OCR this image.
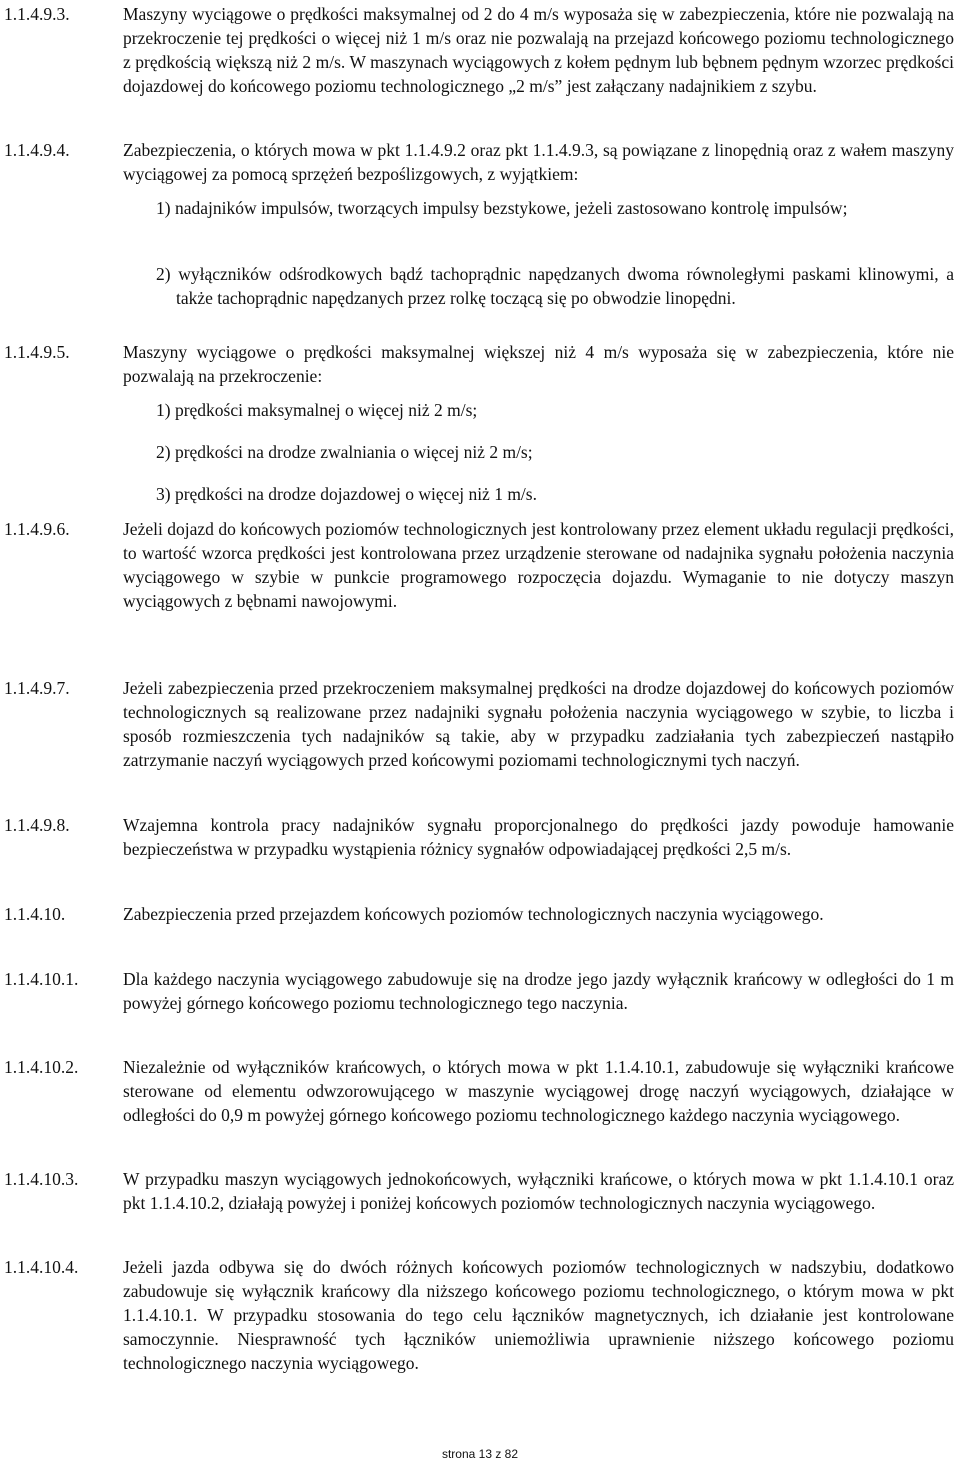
1.1.4.9.3.	Maszyny wyciągowe o prędkości maksymalnej od 2 do 4 m/s wyposaża się w zabezpieczenia, które nie pozwalają na przekroczenie tej prędkości o więcej niż 1 m/s oraz nie pozwalają na przejazd końcowego poziomu technologicznego z prędkością większą niż 2 m/s. W maszynach wyciągowych z kołem pędnym lub bębnem pędnym wzorzec prędkości dojazdowej do końcowego poziomu technologicznego „2 m/s” jest załączany nadajnikiem z szybu.
1.1.4.9.4.	Zabezpieczenia, o których mowa w pkt 1.1.4.9.2 oraz pkt 1.1.4.9.3, są powiązane z linopędnią oraz z wałem maszyny wyciągowej za pomocą sprzężeń bezpoślizgowych, z wyjątkiem:
1) nadajników impulsów, tworzących impulsy bezstykowe, jeżeli zastosowano kontrolę impulsów;
2) wyłączników odśrodkowych bądź tachoprądnic napędzanych dwoma równoległymi paskami klinowymi, a także tachoprądnic napędzanych przez rolkę toczącą się po obwodzie linopędni.
1.1.4.9.5.	Maszyny wyciągowe o prędkości maksymalnej większej niż 4 m/s wyposaża się w zabezpieczenia, które nie pozwalają na przekroczenie:
1) prędkości maksymalnej o więcej niż 2 m/s;
2) prędkości na drodze zwalniania o więcej niż 2 m/s;
3) prędkości na drodze dojazdowej o więcej niż 1 m/s.
1.1.4.9.6.	Jeżeli dojazd do końcowych poziomów technologicznych jest kontrolowany przez element układu regulacji prędkości, to wartość wzorca prędkości jest kontrolowana przez urządzenie sterowane od nadajnika sygnału położenia naczynia wyciągowego w szybie w punkcie programowego rozpoczęcia dojazdu. Wymaganie to nie dotyczy maszyn wyciągowych z bębnami nawojowymi.
1.1.4.9.7.	Jeżeli zabezpieczenia przed przekroczeniem maksymalnej prędkości na drodze dojazdowej do końcowych poziomów technologicznych są realizowane przez nadajniki sygnału położenia naczynia wyciągowego w szybie, to liczba i sposób rozmieszczenia tych nadajników są takie, aby w przypadku zadziałania tych zabezpieczeń nastąpiło zatrzymanie naczyń wyciągowych przed końcowymi poziomami technologicznymi tych naczyń.
1.1.4.9.8.	Wzajemna kontrola pracy nadajników sygnału proporcjonalnego do prędkości jazdy powoduje hamowanie bezpieczeństwa w przypadku wystąpienia różnicy sygnałów odpowiadającej prędkości 2,5 m/s.
1.1.4.10.	Zabezpieczenia przed przejazdem końcowych poziomów technologicznych naczynia wyciągowego.
1.1.4.10.1.	Dla każdego naczynia wyciągowego zabudowuje się na drodze jego jazdy wyłącznik krańcowy w odległości do 1 m powyżej górnego końcowego poziomu technologicznego tego naczynia.
1.1.4.10.2.	Niezależnie od wyłączników krańcowych, o których mowa w pkt 1.1.4.10.1, zabudowuje się wyłączniki krańcowe sterowane od elementu odwzorowującego w maszynie wyciągowej drogę naczyń wyciągowych, działające w odległości do 0,9 m powyżej górnego końcowego poziomu technologicznego każdego naczynia wyciągowego.
1.1.4.10.3.	W przypadku maszyn wyciągowych jednokońcowych, wyłączniki krańcowe, o których mowa w pkt 1.1.4.10.1 oraz pkt 1.1.4.10.2, działają powyżej i poniżej końcowych poziomów technologicznych naczynia wyciągowego.
1.1.4.10.4.	Jeżeli jazda odbywa się do dwóch różnych końcowych poziomów technologicznych w nadszybiu, dodatkowo zabudowuje się wyłącznik krańcowy dla niższego końcowego poziomu technologicznego, o którym mowa w pkt 1.1.4.10.1. W przypadku stosowania do tego celu łączników magnetycznych, ich działanie jest kontrolowane samoczynnie. Niesprawność tych łączników uniemożliwia uprawnienie niższego końcowego poziomu technologicznego naczynia wyciągowego.
strona 13 z 82
